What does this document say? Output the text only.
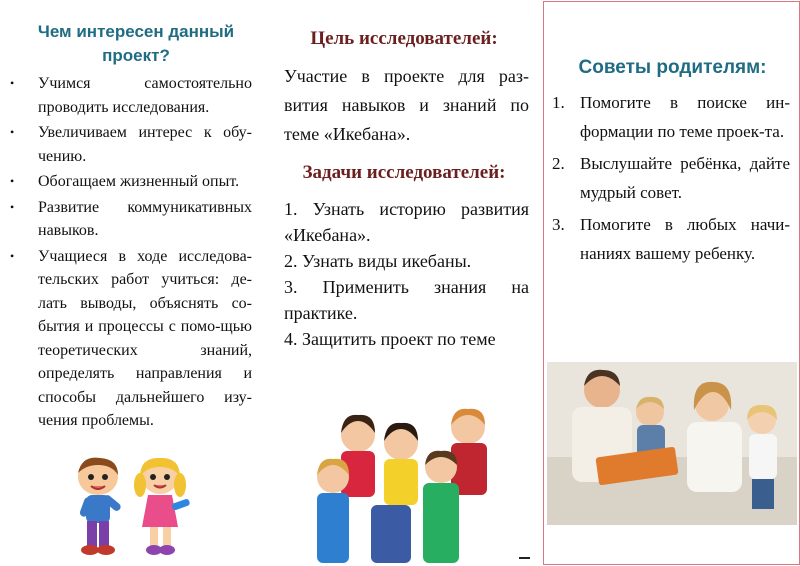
Чем интересен данный проект?
• Учимся самостоятельно проводить исследования.
• Увеличиваем интерес к обу-чению.
• Обогащаем жизненный опыт.
• Развитие коммуникативных навыков.
• Учащиеся в ходе исследова-тельских работ учиться: де-лать выводы, объяснять со-бытия и процессы с помо-щью теоретических знаний, определять направления и способы дальнейшего изу-чения проблемы.
Цель исследователей:
Участие в проекте для раз-вития навыков и знаний по теме «Икебана».
Задачи исследователей:
1. Узнать историю развития «Икебана».
2. Узнать виды икебаны.
3. Применить знания на практике.
4. Защитить проект по теме
Советы родителям:
1. Помогите в поиске ин-формации по теме проек-та.
2. Выслушайте ребёнка, дайте мудрый совет.
3. Помогите в любых начи-наниях вашему ребенку.
